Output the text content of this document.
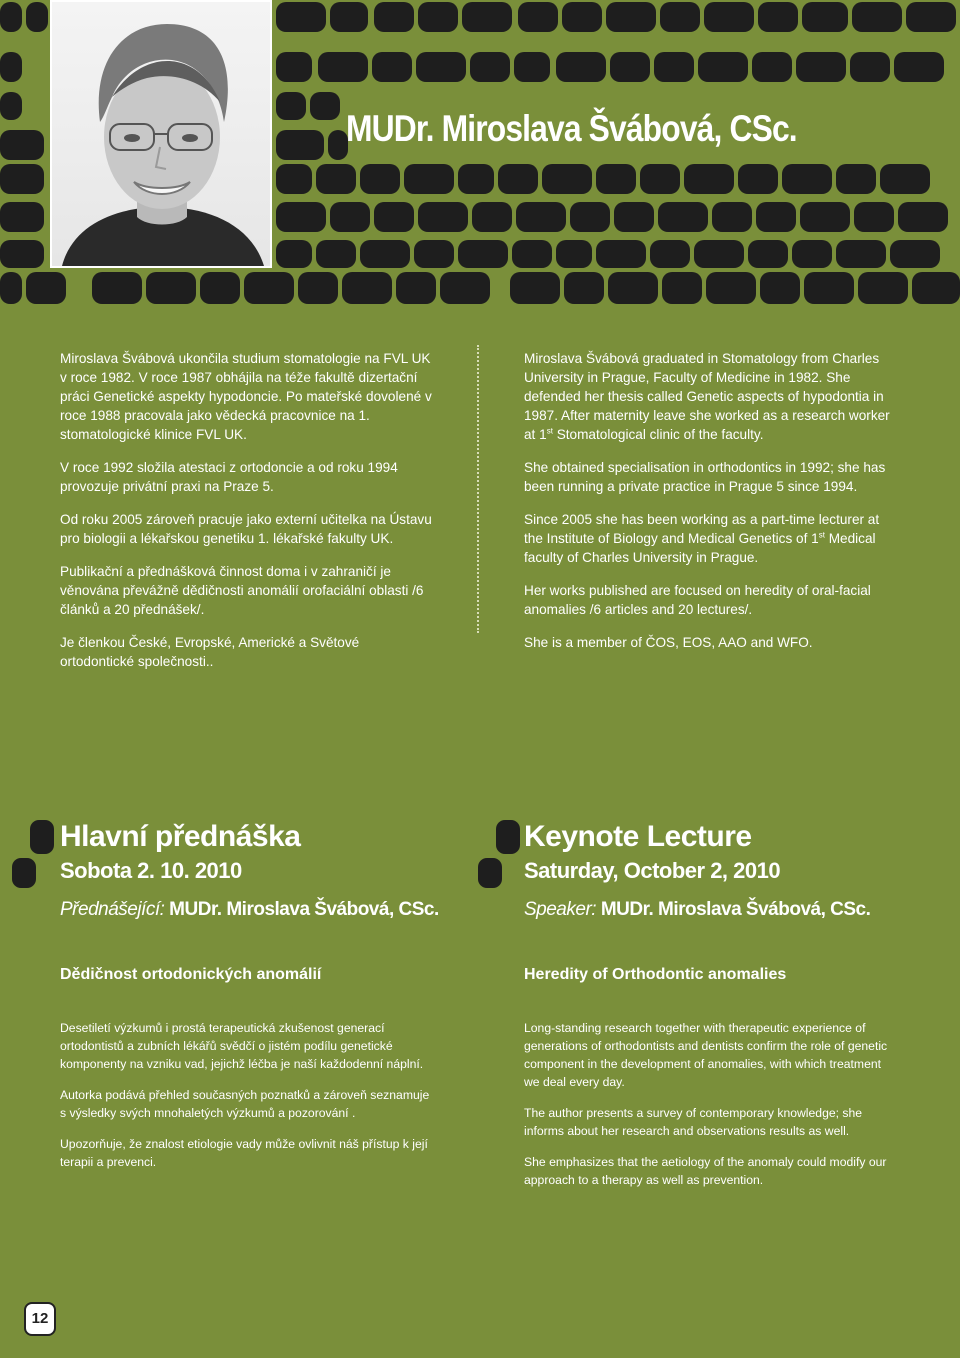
MUDr. Miroslava Švábová, CSc.

Miroslava Švábová ukončila studium stomatologie na FVL UK v roce 1982. V roce 1987 obhájila na téže fakultě dizertační práci Genetické aspekty hypodoncie. Po mateřské dovolené v roce 1988 pracovala jako vědecká pracovnice na 1. stomatologické klinice FVL UK.

V roce 1992 složila atestaci z ortodoncie a od roku 1994 provozuje privátní praxi na Praze 5.

Od roku 2005 zároveň pracuje jako externí učitelka na Ústavu pro biologii a lékařskou genetiku 1. lékařské fakulty UK.

Publikační a přednášková činnost doma i v zahraničí je věnována převážně dědičnosti anomálií orofaciální oblasti /6 článků a 20 přednášek/.

Je členkou České, Evropské, Americké a Světové ortodontické společnosti..

Miroslava Švábová graduated in Stomatology from Charles University in Prague, Faculty of Medicine in 1982. She defended her thesis called Genetic aspects of hypodontia in 1987. After maternity leave she worked as a research worker at 1st Stomatological clinic of the faculty.

She obtained specialisation in orthodontics in 1992; she has been running a private practice in Prague 5 since 1994.

Since 2005 she has been working as a part-time lecturer at the Institute of Biology and Medical Genetics of 1st Medical faculty of Charles University in Prague.

Her works published are focused on heredity of oral-facial anomalies /6 articles and 20 lectures/.

She is a member of ČOS, EOS, AAO and WFO.

Hlavní přednáška
Sobota 2. 10. 2010
Přednášející: MUDr. Miroslava Švábová, CSc.
Keynote Lecture
Saturday, October 2, 2010
Speaker: MUDr. Miroslava Švábová, CSc.
Dědičnost ortodonických anomálií	Heredity of Orthodontic anomalies

Desetiletí výzkumů i prostá terapeutická zkušenost generací ortodontistů a zubních lékářů svědčí o jistém podílu genetické komponenty na vzniku vad, jejichž léčba je naší každodenní náplní.

Autorka podává přehled současných poznatků a zároveň seznamuje s výsledky svých mnohaletých výzkumů a pozorování .

Upozorňuje, že znalost etiologie vady může ovlivnit náš přístup k její terapii a prevenci.

Long-standing research together with therapeutic experience of generations of orthodontists and dentists confirm the role of genetic component in the development of anomalies, with which treatment we deal every day.

The author presents a survey of contemporary knowledge; she informs about her research and observations results as well.

She emphasizes that the aetiology of the anomaly could modify our approach to a therapy as well as prevention.

12
